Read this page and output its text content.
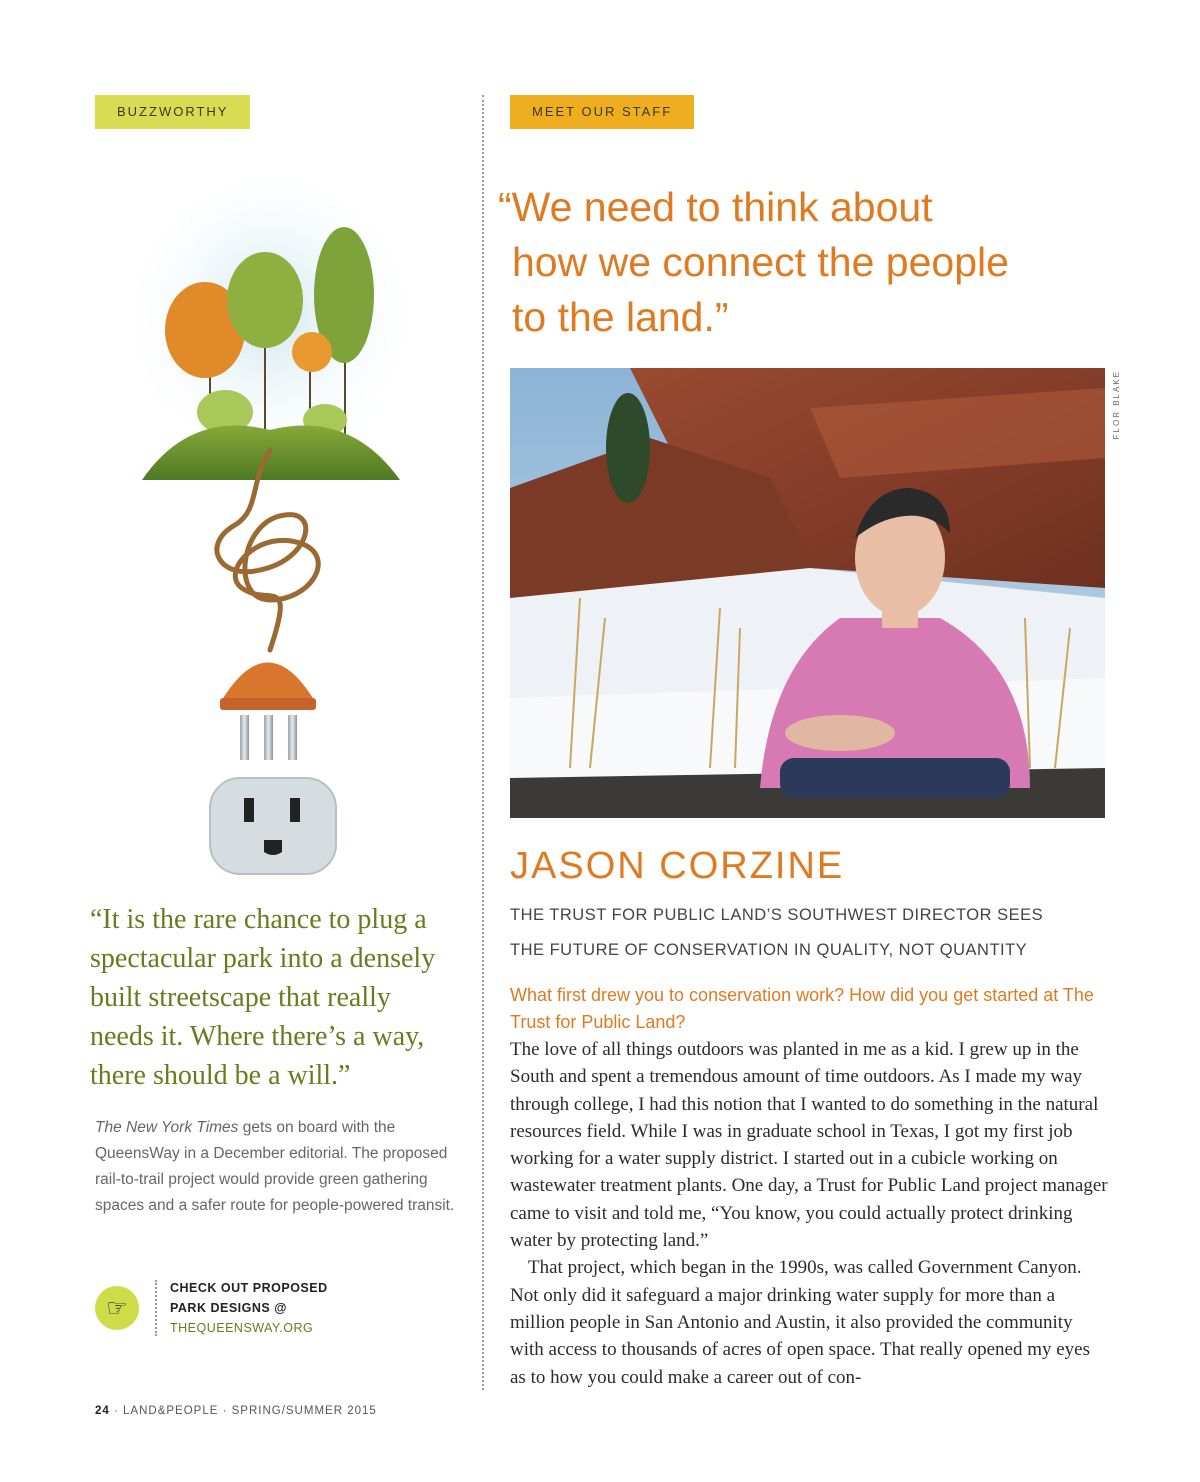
BUZZWORTHY	MEET OUR STAFF
“It is the rare chance to plug a spectacular park into a densely built streetscape that really needs it. Where there’s a way, there should be a will.”
The New York Times gets on board with the QueensWay in a December editorial. The proposed rail-to-trail project would provide green gathering spaces and a safer route for people-powered transit.
☞
CHECK OUT PROPOSED
PARK DESIGNS @
THEQUEENSWAY.ORG
24 · LAND&PEOPLE · SPRING/SUMMER 2015
“We need to think about
how we connect the people
to the land.”
FLOR BLAKE
JASON CORZINE
THE TRUST FOR PUBLIC LAND’S SOUTHWEST DIRECTOR SEES THE FUTURE OF CONSERVATION IN QUALITY, NOT QUANTITY
What first drew you to conservation work? How did you get started at The Trust for Public Land?

The love of all things outdoors was planted in me as a kid. I grew up in the South and spent a tremendous amount of time outdoors. As I made my way through college, I had this notion that I wanted to do something in the natural resources field. While I was in graduate school in Texas, I got my first job working for a water supply district. I started out in a cubicle working on wastewater treatment plants. One day, a Trust for Public Land project manager came to visit and told me, “You know, you could actually protect drinking water by protecting land.”

That project, which began in the 1990s, was called Government Canyon. Not only did it safeguard a major drinking water supply for more than a million people in San Antonio and Austin, it also provided the community with access to thousands of acres of open space. That really opened my eyes as to how you could make a career out of con-
